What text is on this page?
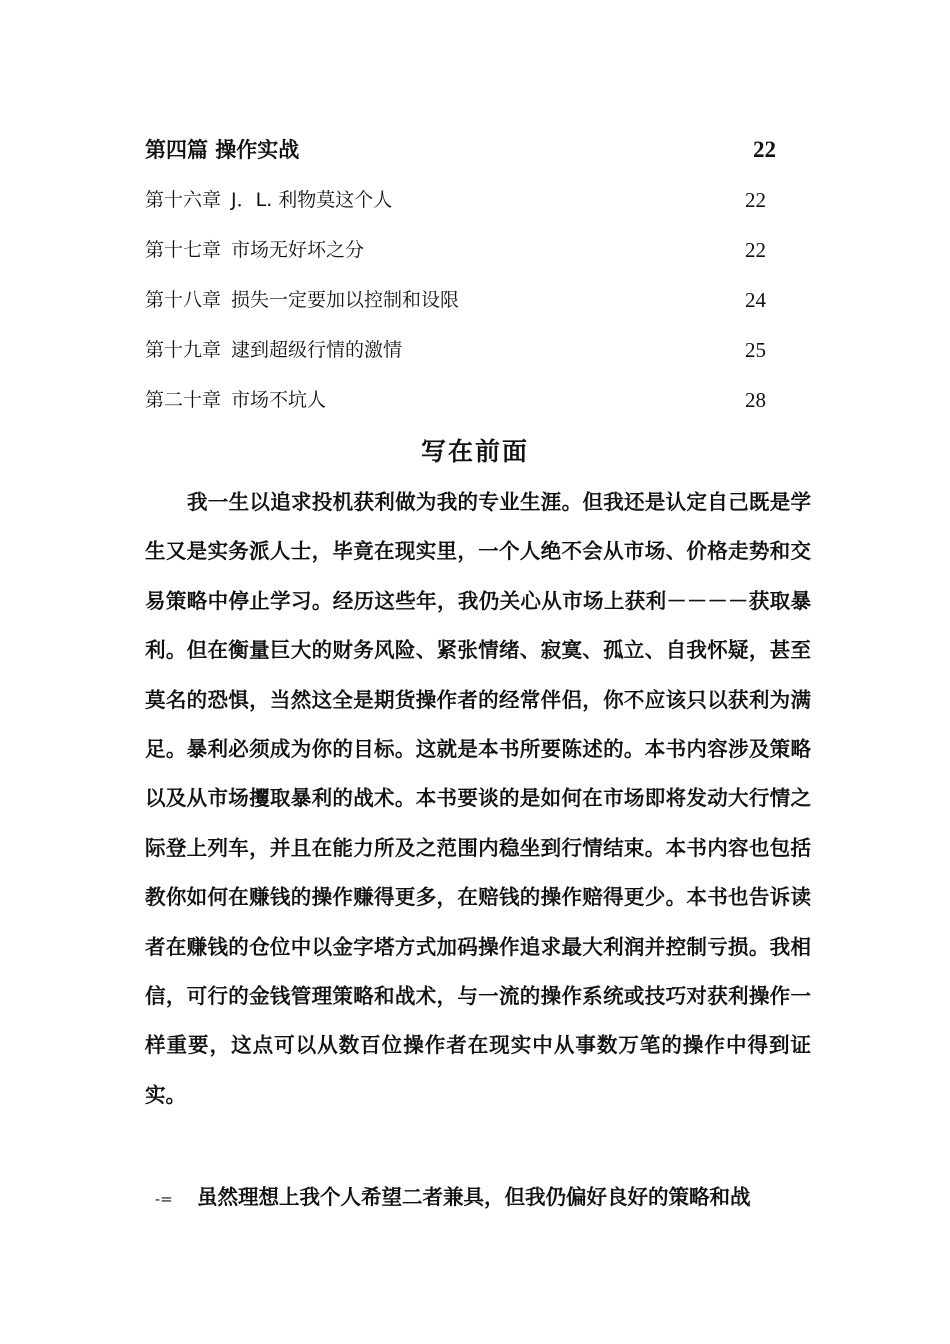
第四篇 操作实战	22
第十六章 J．L. 利物莫这个人	22
第十七章 市场无好坏之分	22
第十八章 损失一定要加以控制和设限	24
第十九章 逮到超级行情的激情	25
第二十章 市场不坑人	28
写在前面

我一生以追求投机获利做为我的专业生涯。但我还是认定自己既是学生又是实务派人士，毕竟在现实里，一个人绝不会从市场、价格走势和交易策略中停止学习。经历这些年，我仍关心从市场上获利－－－－获取暴利。但在衡量巨大的财务风险、紧张情绪、寂寞、孤立、自我怀疑，甚至莫名的恐惧，当然这全是期货操作者的经常伴侣，你不应该只以获利为满足。暴利必须成为你的目标。这就是本书所要陈述的。本书内容涉及策略以及从市场攫取暴利的战术。本书要谈的是如何在市场即将发动大行情之际登上列车，并且在能力所及之范围内稳坐到行情结束。本书内容也包括教你如何在赚钱的操作赚得更多，在赔钱的操作赔得更少。本书也告诉读者在赚钱的仓位中以金字塔方式加码操作追求最大利润并控制亏损。我相信，可行的金钱管理策略和战术，与一流的操作系统或技巧对获利操作一样重要，这点可以从数百位操作者在现实中从事数万笔的操作中得到证实。

-= 虽然理想上我个人希望二者兼具，但我仍偏好良好的策略和战
